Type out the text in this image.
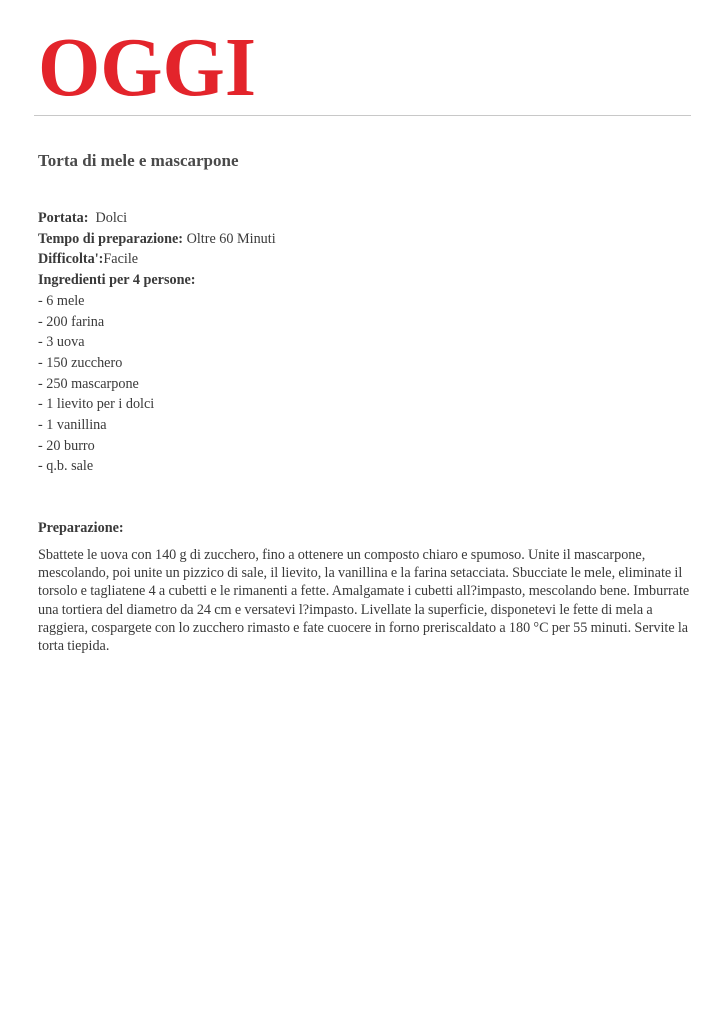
OGGI
Torta di mele e mascarpone
Portata: Dolci
Tempo di preparazione: Oltre 60 Minuti
Difficolta':Facile
Ingredienti per 4 persone:
- 6 mele
- 200 farina
- 3 uova
- 150 zucchero
- 250 mascarpone
- 1 lievito per i dolci
- 1 vanillina
- 20 burro
- q.b. sale
Preparazione:

Sbattete le uova con 140 g di zucchero, fino a ottenere un composto chiaro e spumoso. Unite il mascarpone, mescolando, poi unite un pizzico di sale, il lievito, la vanillina e la farina setacciata. Sbucciate le mele, eliminate il torsolo e tagliatene 4 a cubetti e le rimanenti a fette. Amalgamate i cubetti all?impasto, mescolando bene. Imburrate una tortiera del diametro da 24 cm e versatevi l?impasto. Livellate la superficie, disponetevi le fette di mela a raggiera, cospargete con lo zucchero rimasto e fate cuocere in forno preriscaldato a 180 °C per 55 minuti. Servite la torta tiepida.
